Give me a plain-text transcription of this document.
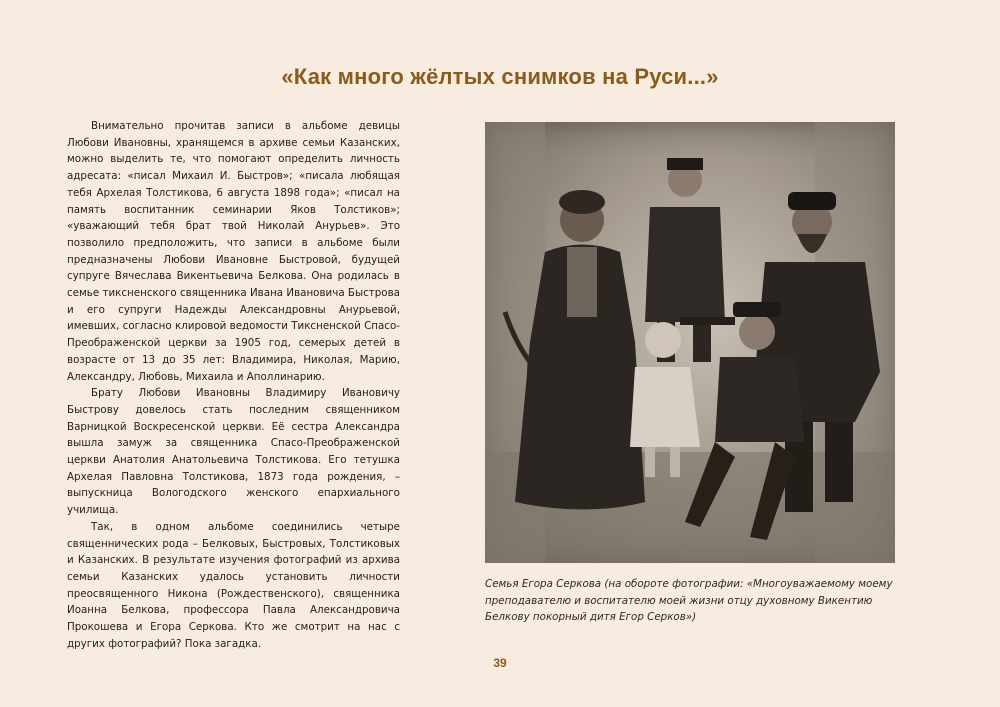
«Как много жёлтых снимков на Руси...»

Внимательно прочитав записи в альбоме девицы Любови Ивановны, хранящемся в архиве семьи Казанских, можно выделить те, что помогают определить личность адресата: «писал Михаил И. Быстров»; «писала любящая тебя Архелая Толстикова, 6 августа 1898 года»; «писал на память воспитанник семинарии Яков Толстиков»; «уважающий тебя брат твой Николай Анурьев». Это позволило предположить, что записи в альбоме были предназначены Любови Ивановне Быстровой, будущей супруге Вячеслава Викентьевича Белкова. Она родилась в семье тиксненского священника Ивана Ивановича Быстрова и его супруги Надежды Александровны Анурьевой, имевших, согласно клировой ведомости Тиксненской Спасо-Преображенской церкви за 1905 год, семерых детей в возрасте от 13 до 35 лет: Владимира, Николая, Марию, Александру, Любовь, Михаила и Аполлинарию.

Брату Любови Ивановны Владимиру Ивановичу Быстрову довелось стать последним священником Варницкой Воскресенской церкви. Её сестра Александра вышла замуж за священника Спасо-Преображенской церкви Анатолия Анатольевича Толстикова. Его тетушка Архелая Павловна Толстикова, 1873 года рождения, – выпускница Вологодского женского епархиального училища.

Так, в одном альбоме соединились четыре священнических рода – Белковых, Быстровых, Толстиковых и Казанских. В результате изучения фотографий из архива семьи Казанских удалось установить личности преосвященного Никона (Рождественского), священника Иоанна Белкова, профессора Павла Александровича Прокошева и Егора Серкова. Кто же смотрит на нас с других фотографий? Пока загадка.

Семья Егора Серкова (на обороте фотографии: «Многоуважаемому моему преподавателю и воспитателю моей жизни отцу духовному Викентию Белкову покорный дитя Егор Серков»)
39
